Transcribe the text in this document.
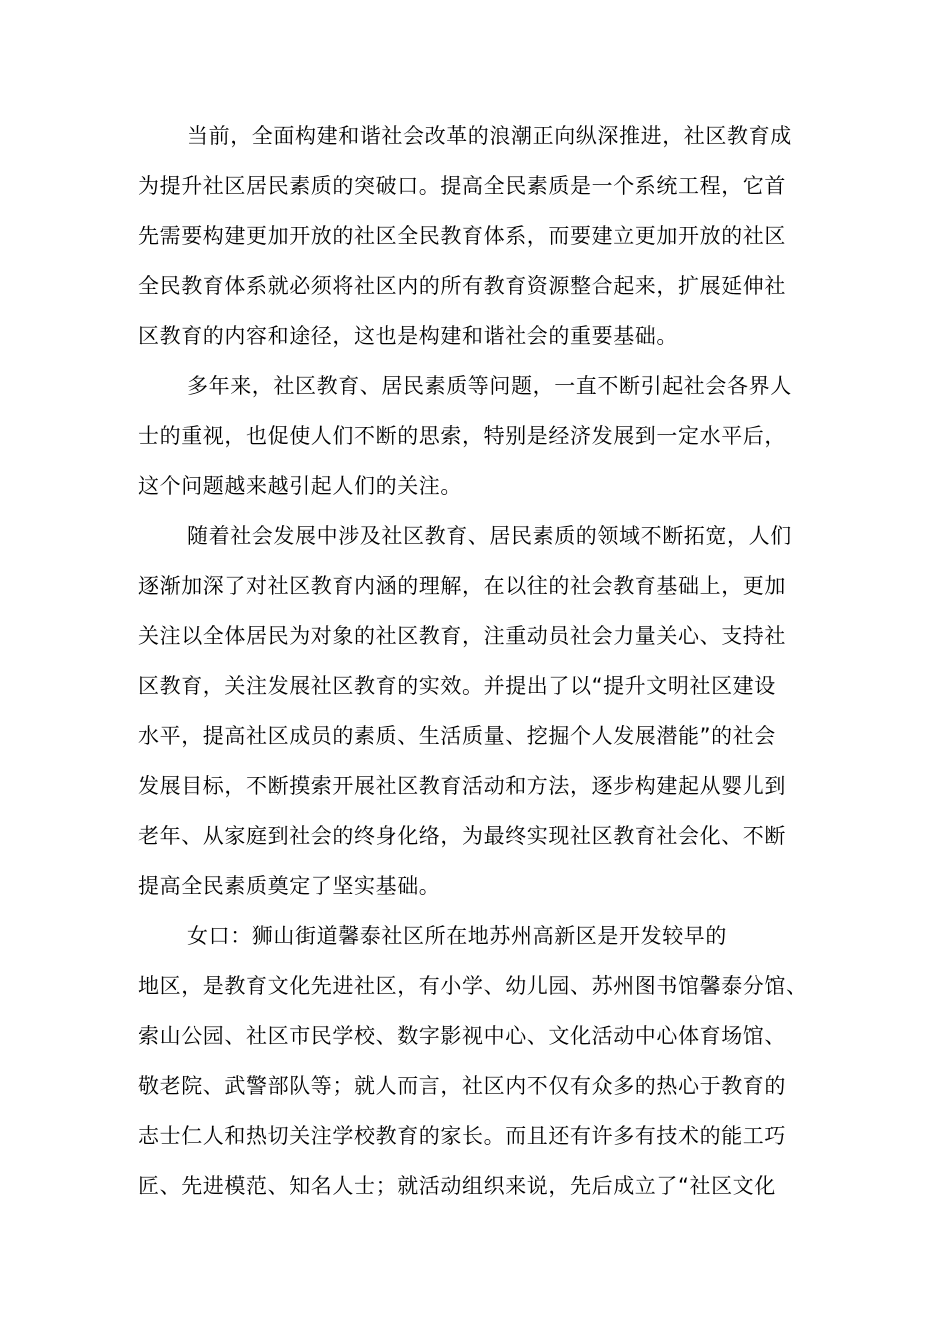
当前，全面构建和谐社会改革的浪潮正向纵深推进，社区教育成
为提升社区居民素质的突破口。提高全民素质是一个系统工程，它首
先需要构建更加开放的社区全民教育体系，而要建立更加开放的社区
全民教育体系就必须将社区内的所有教育资源整合起来，扩展延伸社
区教育的内容和途径，这也是构建和谐社会的重要基础。
多年来，社区教育、居民素质等问题，一直不断引起社会各界人
士的重视，也促使人们不断的思索，特别是经济发展到一定水平后，
这个问题越来越引起人们的关注。
随着社会发展中涉及社区教育、居民素质的领域不断拓宽，人们
逐渐加深了对社区教育内涵的理解，在以往的社会教育基础上，更加
关注以全体居民为对象的社区教育，注重动员社会力量关心、支持社
区教育，关注发展社区教育的实效。并提出了以“提升文明社区建设
水平，提高社区成员的素质、生活质量、挖掘个人发展潜能”的社会
发展目标，不断摸索开展社区教育活动和方法，逐步构建起从婴儿到
老年、从家庭到社会的终身化络，为最终实现社区教育社会化、不断
提高全民素质奠定了坚实基础。
女口：狮山街道馨泰社区所在地苏州高新区是开发较早的
地区，是教育文化先进社区，有小学、幼儿园、苏州图书馆馨泰分馆、
索山公园、社区市民学校、数字影视中心、文化活动中心体育场馆、
敬老院、武警部队等；就人而言，社区内不仅有众多的热心于教育的
志士仁人和热切关注学校教育的家长。而且还有许多有技术的能工巧
匠、先进模范、知名人士；就活动组织来说，先后成立了“社区文化
